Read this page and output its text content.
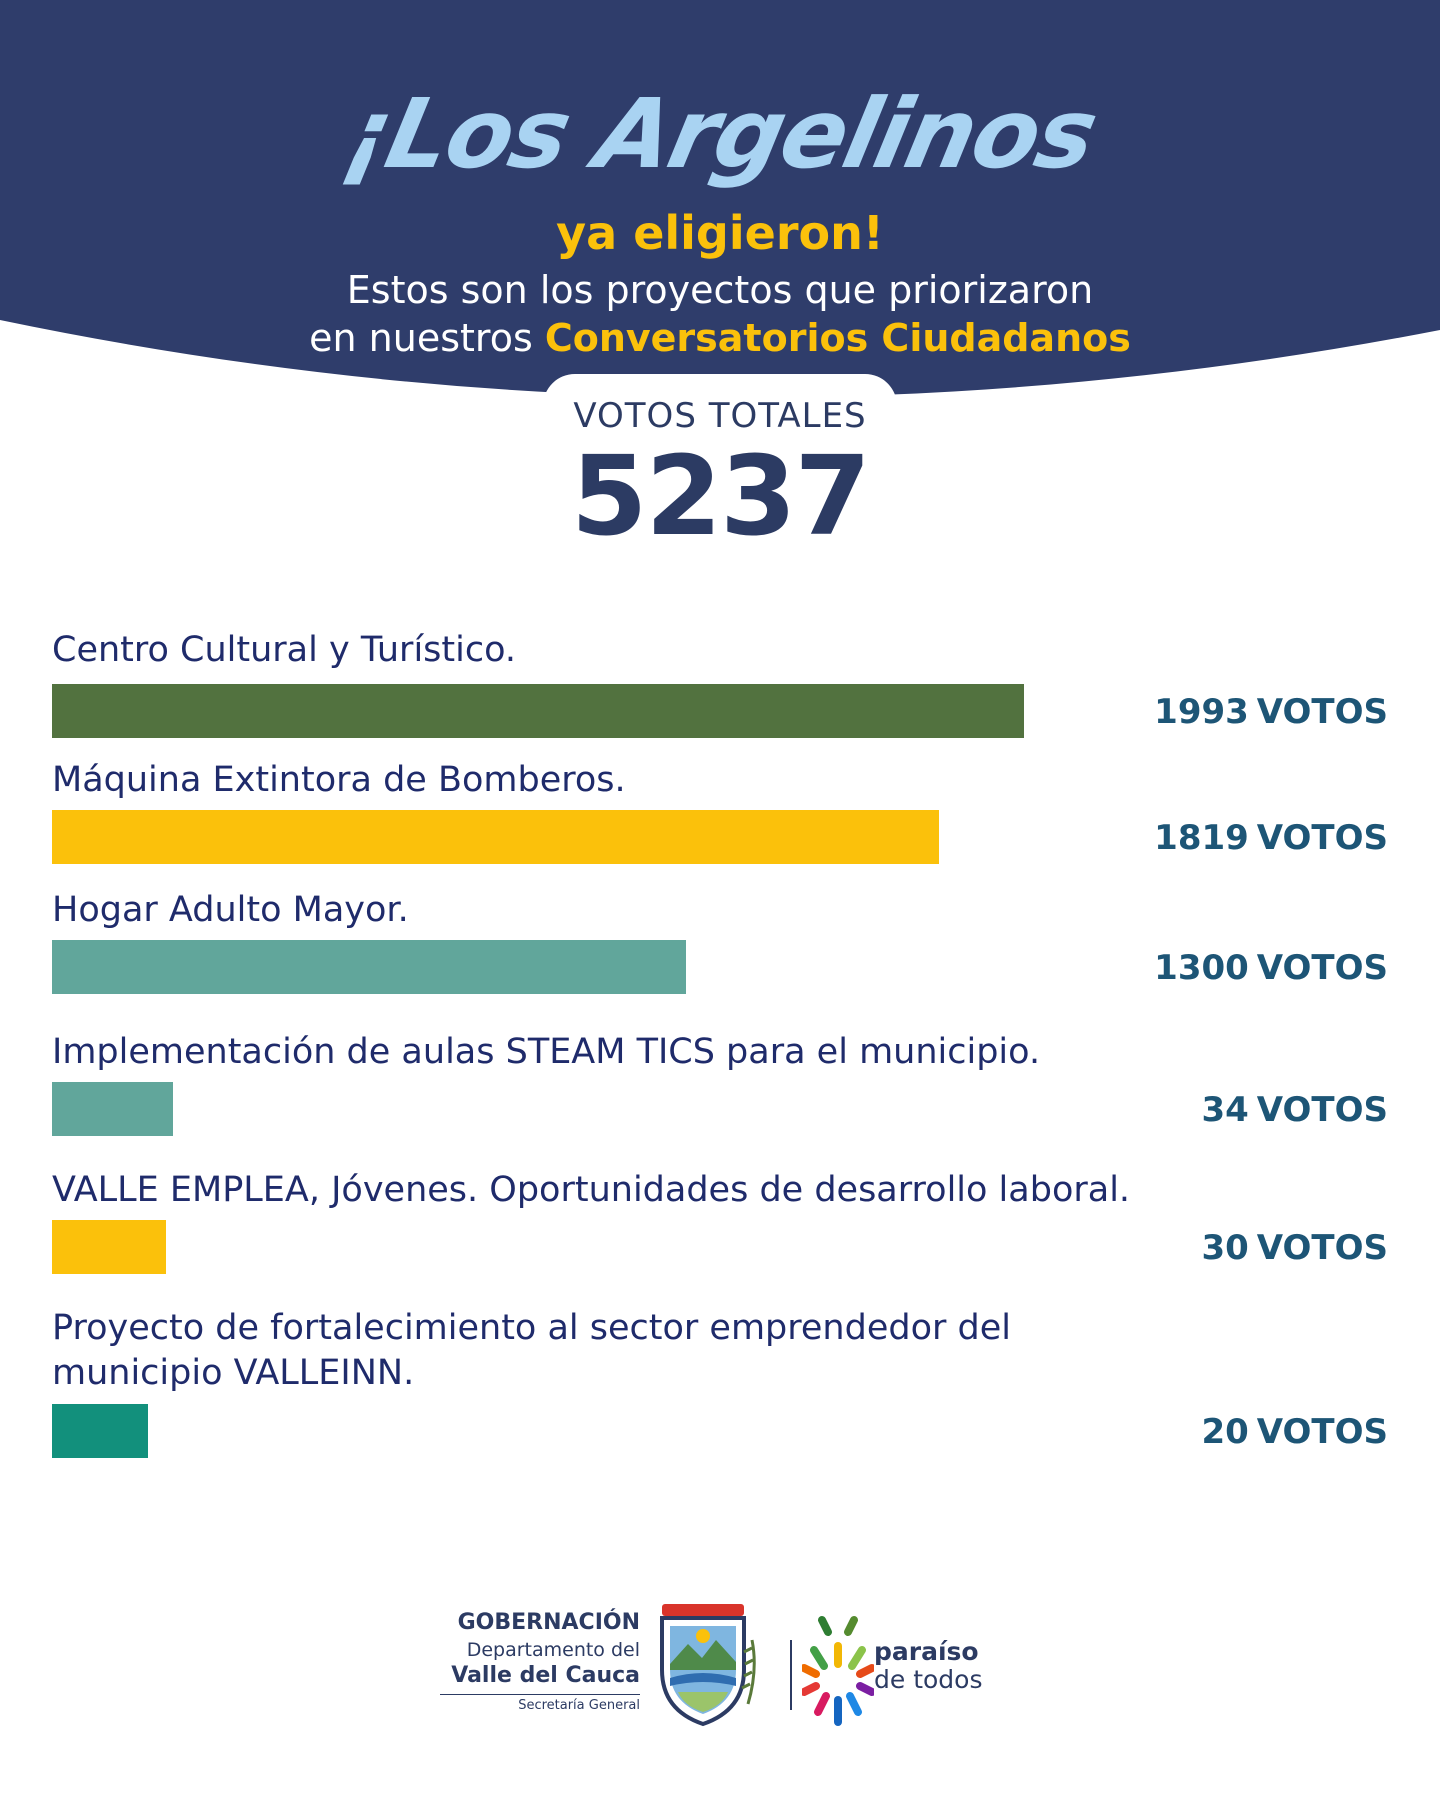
¡Los Argelinos
ya eligieron!
Estos son los proyectos que priorizaron
en nuestros Conversatorios Ciudadanos
VOTOS TOTALES
5237
Centro Cultural y Turístico.
1993 VOTOS
Máquina Extintora de Bomberos.
1819 VOTOS
Hogar Adulto Mayor.
1300 VOTOS
Implementación de aulas STEAM TICS para el municipio.
34 VOTOS
VALLE EMPLEA, Jóvenes. Oportunidades de desarrollo laboral.
30 VOTOS
Proyecto de fortalecimiento al sector emprendedor del municipio VALLEINN.
20 VOTOS
GOBERNACIÓN
Departamento del
Valle del Cauca
Secretaría General
paraíso
de todos
